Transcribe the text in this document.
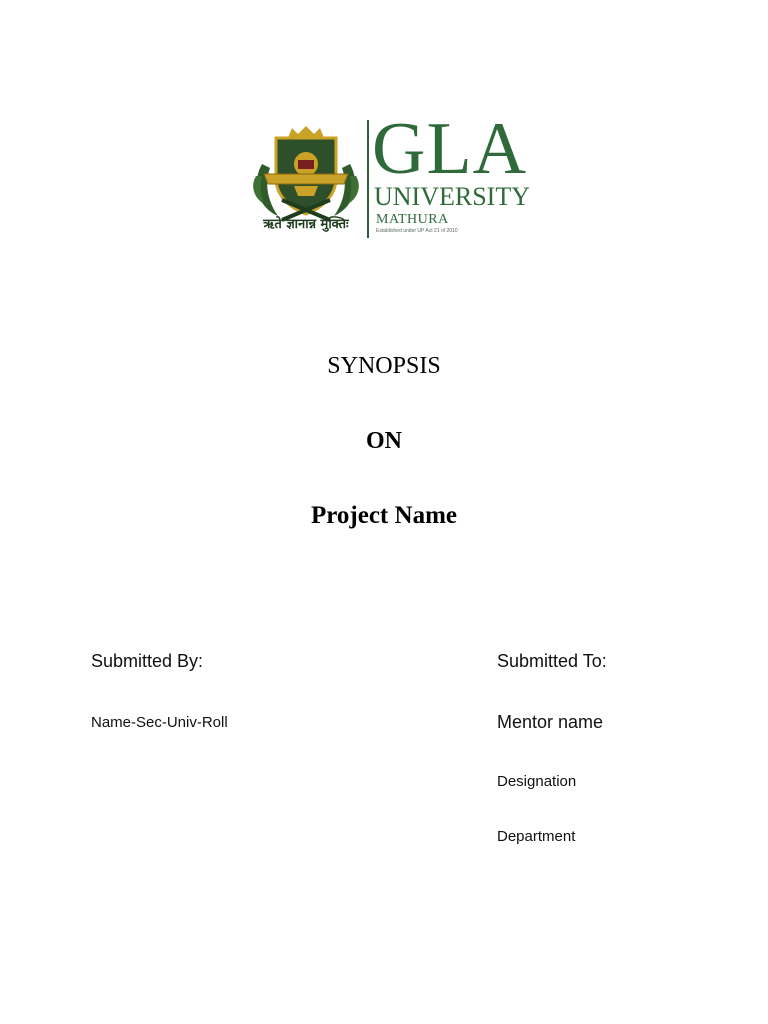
ऋते ज्ञानान्न मुक्तिः
GLA
UNIVERSITY
MATHURA
Established under UP Act 21 of 2010
SYNOPSIS
ON
Project Name
Submitted By:
Name-Sec-Univ-Roll
Submitted To:
Mentor name
Designation
Department
